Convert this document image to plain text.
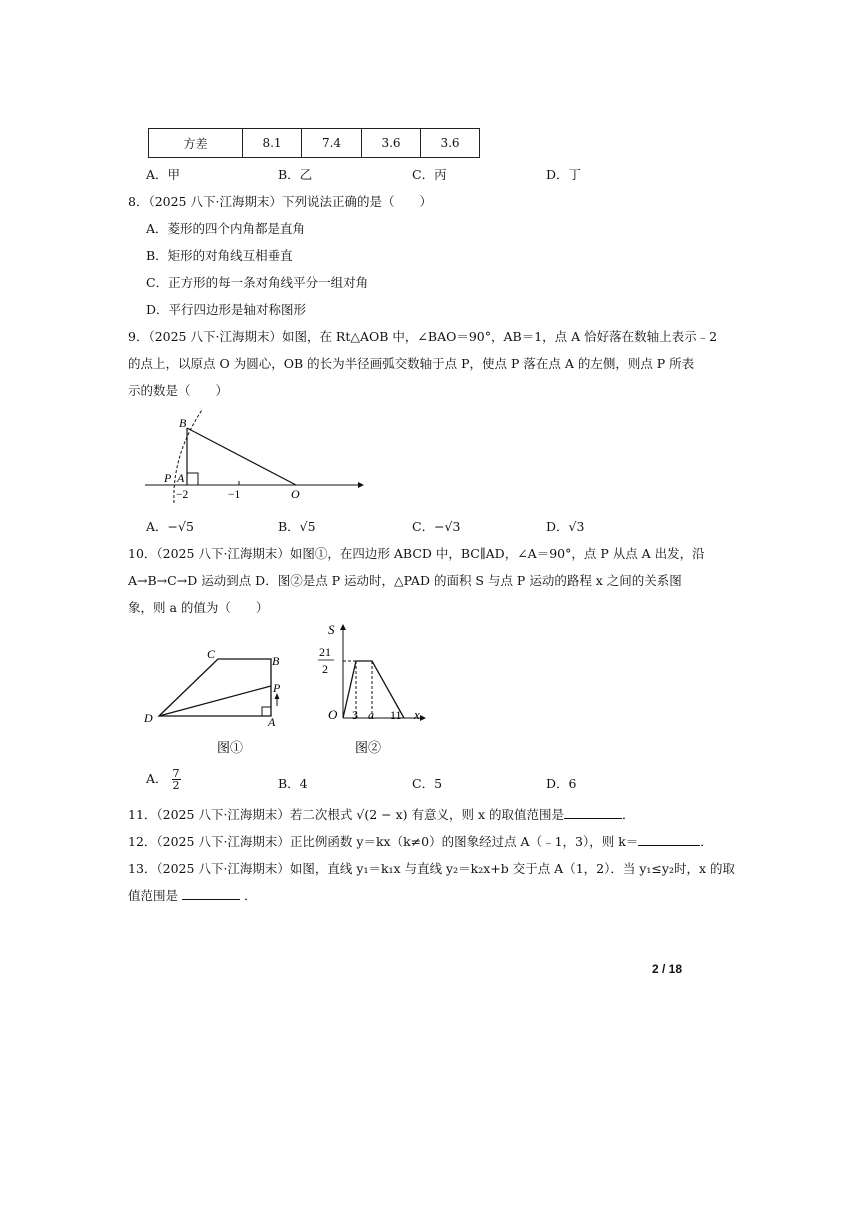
方差	8.1	7.4	3.6	3.6
A．甲	B．乙	C．丙	D．丁
8．（2025 八下·江海期末）下列说法正确的是（　　）
A．菱形的四个内角都是直角
B．矩形的对角线互相垂直
C．正方形的每一条对角线平分一组对角
D．平行四边形是轴对称图形
9．（2025 八下·江海期末）如图，在 Rt△AOB 中，∠BAO＝90°，AB＝1，点 A 恰好落在数轴上表示﹣2
的点上，以原点 O 为圆心，OB 的长为半径画弧交数轴于点 P，使点 P 落在点 A 的左侧，则点 P 所表
示的数是（　　）
B
P A
−2	−1	O
A．−√5	B．√5	C．−√3	D．√3
10．（2025 八下·江海期末）如图①，在四边形 ABCD 中，BC∥AD，∠A＝90°，点 P 从点 A 出发，沿
A→B→C→D 运动到点 D．图②是点 P 运动时，△PAD 的面积 S 与点 P 运动的路程 x 之间的关系图
象，则 a 的值为（　　）
C	B
P
D	A
图①
S
21
2
O 3 a 11 x
图②
A． $\frac{7}{2}$	B．4	C．5	D．6
11．（2025 八下·江海期末）若二次根式 √(2 − x) 有意义，则 x 的取值范围是	．
12．（2025 八下·江海期末）正比例函数 y＝kx（k≠0）的图象经过点 A（﹣1，3），则 k＝	．
13．（2025 八下·江海期末）如图，直线 y₁＝k₁x 与直线 y₂＝k₂x+b 交于点 A（1，2）．当 y₁≤y₂时，x 的取
值范围是	．
2 / 18
